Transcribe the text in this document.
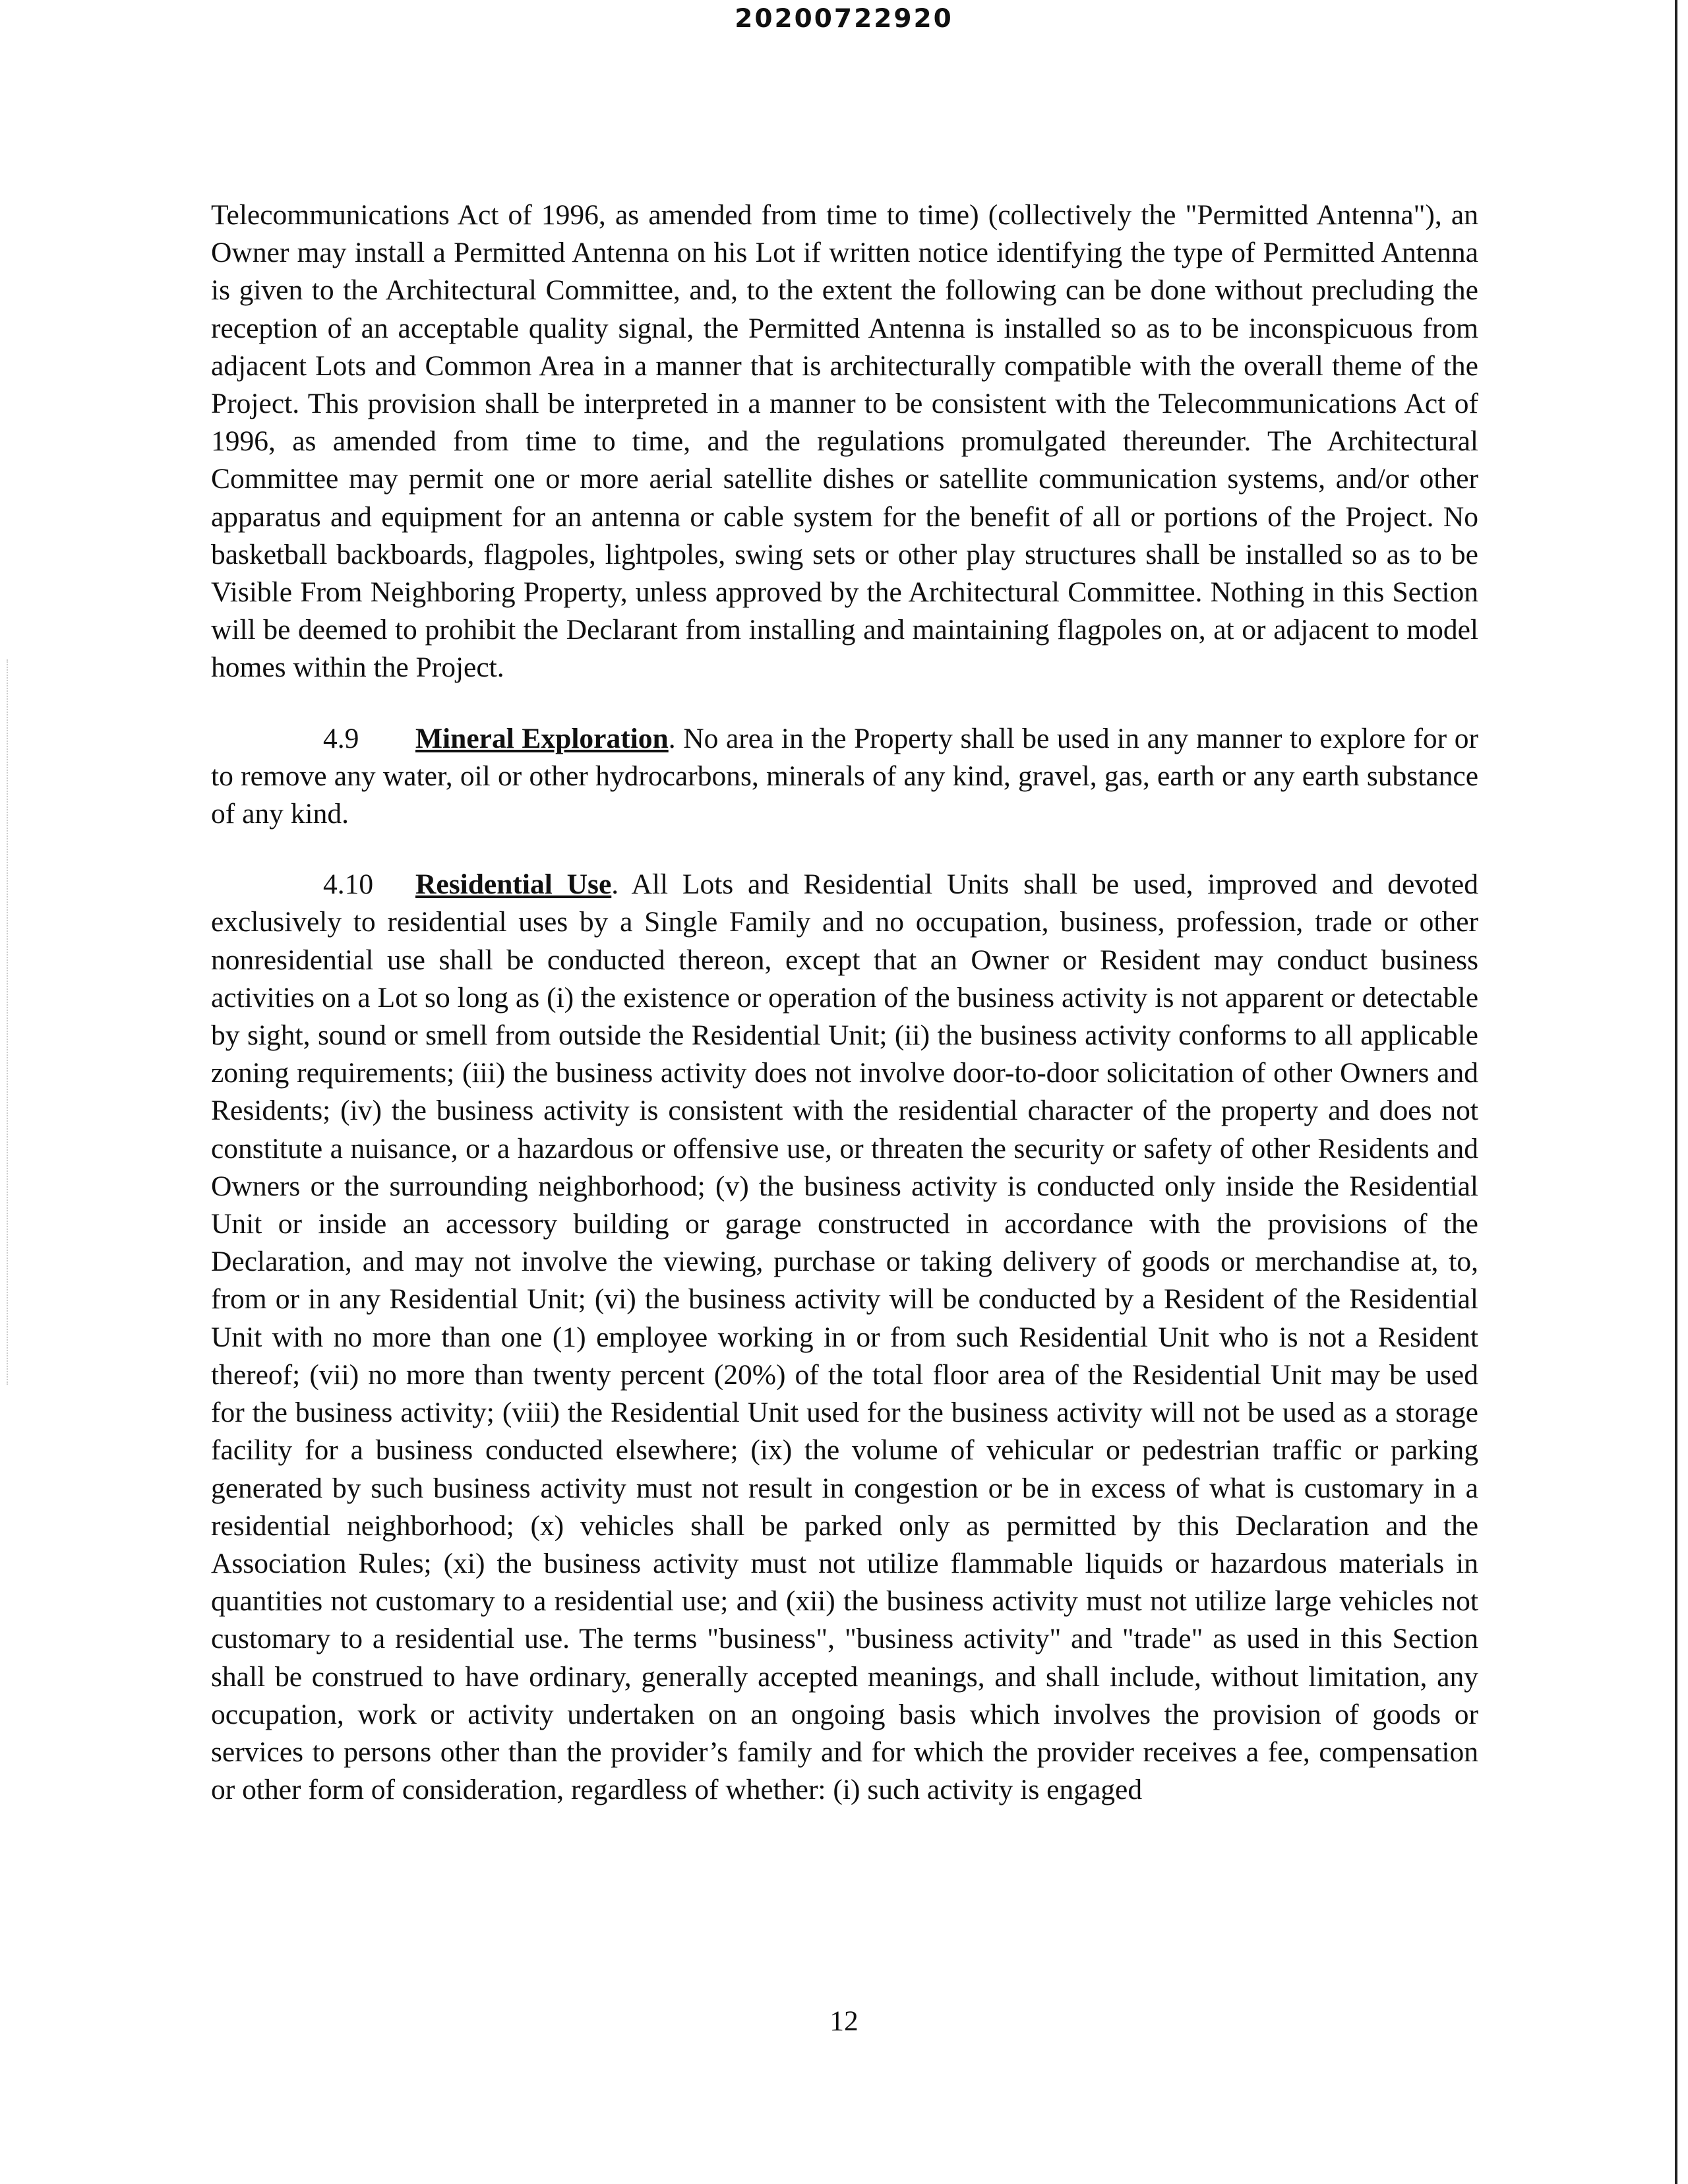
20200722920

Telecommunications Act of 1996, as amended from time to time) (collectively the "Permitted Antenna"), an Owner may install a Permitted Antenna on his Lot if written notice identifying the type of Permitted Antenna is given to the Architectural Committee, and, to the extent the following can be done without precluding the reception of an acceptable quality signal, the Permitted Antenna is installed so as to be inconspicuous from adjacent Lots and Common Area in a manner that is architecturally compatible with the overall theme of the Project. This provision shall be interpreted in a manner to be consistent with the Telecommunications Act of 1996, as amended from time to time, and the regulations promulgated thereunder. The Architectural Committee may permit one or more aerial satellite dishes or satellite communication systems, and/or other apparatus and equipment for an antenna or cable system for the benefit of all or portions of the Project. No basketball backboards, flagpoles, lightpoles, swing sets or other play structures shall be installed so as to be Visible From Neighboring Property, unless approved by the Architectural Committee. Nothing in this Section will be deemed to prohibit the Declarant from installing and maintaining flagpoles on, at or adjacent to model homes within the Project.

4.9 Mineral Exploration. No area in the Property shall be used in any manner to explore for or to remove any water, oil or other hydrocarbons, minerals of any kind, gravel, gas, earth or any earth substance of any kind.

4.10 Residential Use. All Lots and Residential Units shall be used, improved and devoted exclusively to residential uses by a Single Family and no occupation, business, profession, trade or other nonresidential use shall be conducted thereon, except that an Owner or Resident may conduct business activities on a Lot so long as (i) the existence or operation of the business activity is not apparent or detectable by sight, sound or smell from outside the Residential Unit; (ii) the business activity conforms to all applicable zoning requirements; (iii) the business activity does not involve door-to-door solicitation of other Owners and Residents; (iv) the business activity is consistent with the residential character of the property and does not constitute a nuisance, or a hazardous or offensive use, or threaten the security or safety of other Residents and Owners or the surrounding neighborhood; (v) the business activity is conducted only inside the Residential Unit or inside an accessory building or garage constructed in accordance with the provisions of the Declaration, and may not involve the viewing, purchase or taking delivery of goods or merchandise at, to, from or in any Residential Unit; (vi) the business activity will be conducted by a Resident of the Residential Unit with no more than one (1) employee working in or from such Residential Unit who is not a Resident thereof; (vii) no more than twenty percent (20%) of the total floor area of the Residential Unit may be used for the business activity; (viii) the Residential Unit used for the business activity will not be used as a storage facility for a business conducted elsewhere; (ix) the volume of vehicular or pedestrian traffic or parking generated by such business activity must not result in congestion or be in excess of what is customary in a residential neighborhood; (x) vehicles shall be parked only as permitted by this Declaration and the Association Rules; (xi) the business activity must not utilize flammable liquids or hazardous materials in quantities not customary to a residential use; and (xii) the business activity must not utilize large vehicles not customary to a residential use. The terms "business", "business activity" and "trade" as used in this Section shall be construed to have ordinary, generally accepted meanings, and shall include, without limitation, any occupation, work or activity undertaken on an ongoing basis which involves the provision of goods or services to persons other than the provider’s family and for which the provider receives a fee, compensation or other form of consideration, regardless of whether: (i) such activity is engaged

12
